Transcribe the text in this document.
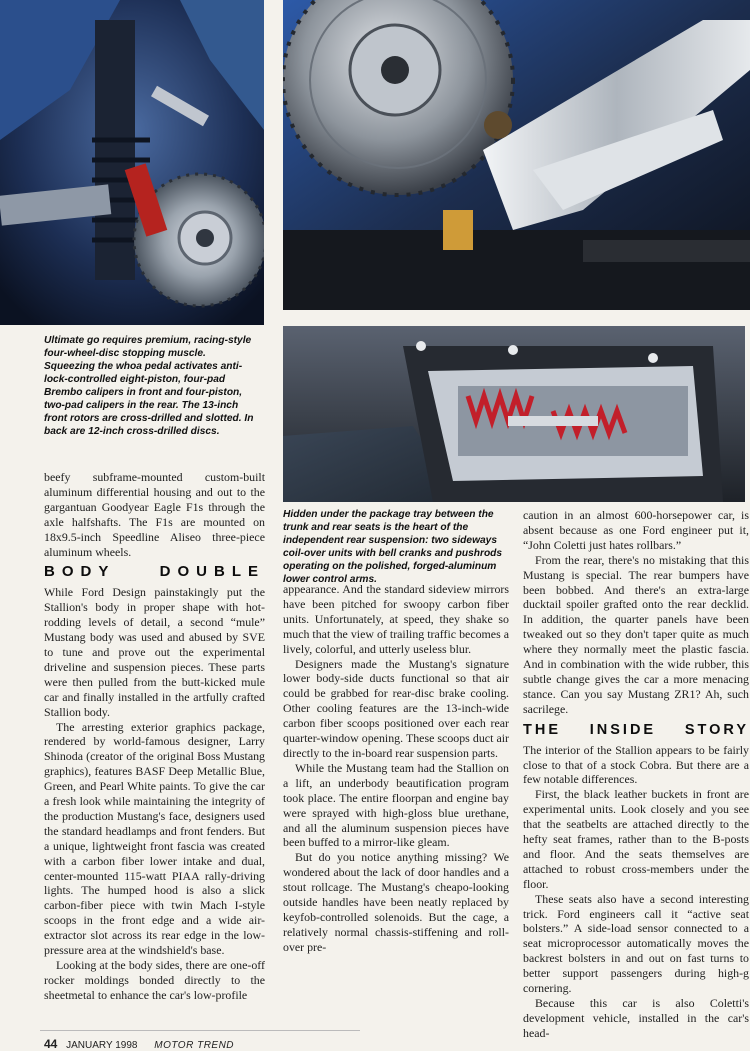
Ultimate go requires premium, racing-style four-wheel-disc stopping muscle. Squeezing the whoa pedal activates anti-lock-controlled eight-piston, four-pad Brembo calipers in front and four-piston, two-pad calipers in the rear. The 13-inch front rotors are cross-drilled and slotted. In back are 12-inch cross-drilled discs.

Hidden under the package tray between the trunk and rear seats is the heart of the independent rear suspension: two sideways coil-over units with bell cranks and pushrods operating on the polished, forged-aluminum lower control arms.

beefy subframe-mounted custom-built aluminum differential housing and out to the gargantuan Goodyear Eagle F1s through the axle halfshafts. The F1s are mounted on 18x9.5-inch Speedline Aliseo three-piece aluminum wheels.

BODY DOUBLE

While Ford Design painstakingly put the Stallion's body in proper shape with hot-rodding levels of detail, a second “mule” Mustang body was used and abused by SVE to tune and prove out the experimental driveline and suspension pieces. These parts were then pulled from the butt-kicked mule car and finally installed in the artfully crafted Stallion body.

The arresting exterior graphics package, rendered by world-famous designer, Larry Shinoda (creator of the original Boss Mustang graphics), features BASF Deep Metallic Blue, Green, and Pearl White paints. To give the car a fresh look while maintaining the integrity of the production Mustang's face, designers used the standard headlamps and front fenders. But a unique, lightweight front fascia was created with a carbon fiber lower intake and dual, center-mounted 115-watt PIAA rally-driving lights. The humped hood is also a slick carbon-fiber piece with twin Mach I-style scoops in the front edge and a wide air-extractor slot across its rear edge in the low-pressure area at the windshield's base.

Looking at the body sides, there are one-off rocker moldings bonded directly to the sheetmetal to enhance the car's low-profile

appearance. And the standard sideview mirrors have been pitched for swoopy carbon fiber units. Unfortunately, at speed, they shake so much that the view of trailing traffic becomes a lively, colorful, and utterly useless blur.

Designers made the Mustang's signature lower body-side ducts functional so that air could be grabbed for rear-disc brake cooling. Other cooling features are the 13-inch-wide carbon fiber scoops positioned over each rear quarter-window opening. These scoops duct air directly to the in-board rear suspension parts.

While the Mustang team had the Stallion on a lift, an underbody beautification program took place. The entire floorpan and engine bay were sprayed with high-gloss blue urethane, and all the aluminum suspension pieces have been buffed to a mirror-like gleam.

But do you notice anything missing? We wondered about the lack of door handles and a stout rollcage. The Mustang's cheapo-looking outside handles have been neatly replaced by keyfob-controlled solenoids. But the cage, a relatively normal chassis-stiffening and roll-over pre-

caution in an almost 600-horsepower car, is absent because as one Ford engineer put it, “John Coletti just hates rollbars.”

From the rear, there's no mistaking that this Mustang is special. The rear bumpers have been bobbed. And there's an extra-large ducktail spoiler grafted onto the rear decklid. In addition, the quarter panels have been tweaked out so they don't taper quite as much where they normally meet the plastic fascia. And in combination with the wide rubber, this subtle change gives the car a more menacing stance. Can you say Mustang ZR1? Ah, such sacrilege.

THE INSIDE STORY

The interior of the Stallion appears to be fairly close to that of a stock Cobra. But there are a few notable differences.

First, the black leather buckets in front are experimental units. Look closely and you see that the seatbelts are attached directly to the hefty seat frames, rather than to the B-posts and floor. And the seats themselves are attached to robust cross-members under the floor.

These seats also have a second interesting trick. Ford engineers call it “active seat bolsters.” A side-load sensor connected to a seat microprocessor automatically moves the backrest bolsters in and out on fast turns to better support passengers during high-g cornering.

Because this car is also Coletti's development vehicle, installed in the car's head-

44 JANUARY 1998 MOTOR TREND
